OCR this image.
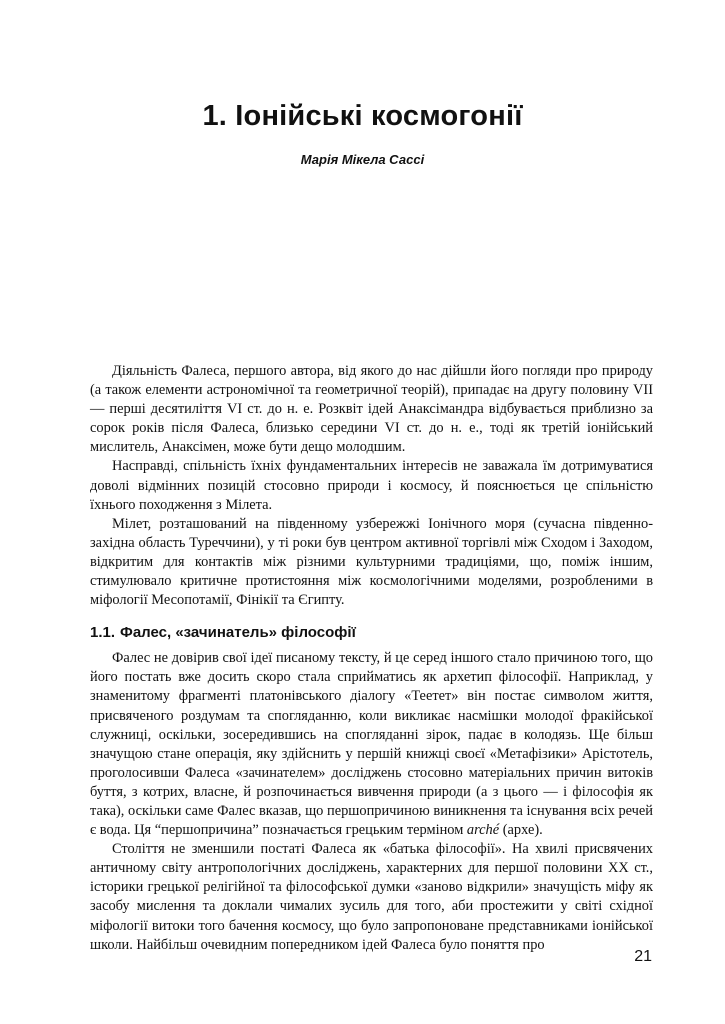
1. Іонійські космогонії
Марія Мікела Сассі

Діяльність Фалеса, першого автора, від якого до нас дійшли його погляди про природу (а також елементи астрономічної та геометричної теорій), припадає на другу половину VII — перші десятиліття VI ст. до н. е. Розквіт ідей Анаксімандра відбувається приблизно за сорок років після Фалеса, близько середини VI ст. до н. е., тоді як третій іонійський мислитель, Анаксімен, може бути дещо молодшим.

Насправді, спільність їхніх фундаментальних інтересів не заважала їм дотримуватися доволі відмінних позицій стосовно природи і космосу, й пояснюється це спільністю їхнього походження з Мілета.

Мілет, розташований на південному узбережжі Іонічного моря (сучасна південно-західна область Туреччини), у ті роки був центром активної торгівлі між Сходом і Заходом, відкритим для контактів між різними культурними традиціями, що, поміж іншим, стимулювало критичне протистояння між космологічними моделями, розробленими в міфології Месопотамії, Фінікії та Єгипту.

1.1. Фалес, «зачинатель» філософії

Фалес не довірив свої ідеї писаному тексту, й це серед іншого стало причиною того, що його постать вже досить скоро стала сприйматись як архетип філософії. Наприклад, у знаменитому фрагменті платонівського діалогу «Теетет» він постає символом життя, присвяченого роздумам та спогляданню, коли викликає насмішки молодої фракійської служниці, оскільки, зосередившись на спогляданні зірок, падає в колодязь. Ще більш значущою стане операція, яку здійснить у першій книжці своєї «Метафізики» Арістотель, проголосивши Фалеса «зачинателем» досліджень стосовно матеріальних причин витоків буття, з котрих, власне, й розпочинається вивчення природи (а з цього — і філософія як така), оскільки саме Фалес вказав, що першопричиною виникнення та існування всіх речей є вода. Ця “першопричина” позначається грецьким терміном arché (архе).

Століття не зменшили постаті Фалеса як «батька філософії». На хвилі присвячених античному світу антропологічних досліджень, характерних для першої половини XX ст., історики грецької релігійної та філософської думки «заново відкрили» значущість міфу як засобу мислення та доклали чималих зусиль для того, аби простежити у світі східної міфології витоки того бачення космосу, що було запропоноване представниками іонійської школи. Найбільш очевидним попередником ідей Фалеса було поняття про

21
